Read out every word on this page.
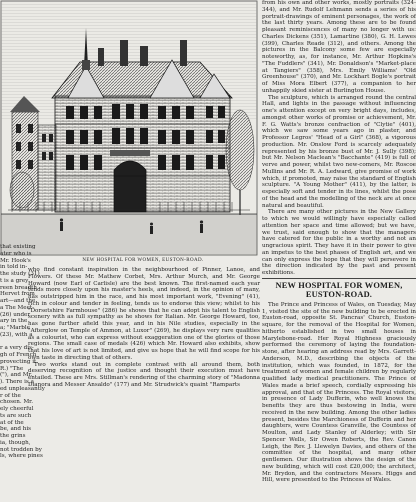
NEW HOSPITAL FOR WOMEN, EUSTON-ROAD.
that existing
ater who is
Mr. Hook's
in told in-
the study (31)
t is a grey
reen breadth
Hervet from
art—and the
a The Meet-
(26) under
ary in the
a; "Marble
(23), with a

r a very dis-
gh of French
provecting it.
R.) "The
("), and Mr.
). There is a
ed unpleasantly
r of the
chosen. Mr.
ely cheerful
ts are such
at of the
be, and his
the grins
ia, though,
not trodden by
ls, where pines

who find constant inspiration in the neighbourhood of Pinner, Lanoe, and Flowers. Of these Mr. Mathew Corbet, Mrs. Arthur Murch, and Mr. George Howard (now Earl of Carlisle) are the best known. The first-named each year tends more closely upon his master's heels, and indeed, in the opinion of many, has outstripped him in the race, and his most important work, "Evening" (41), rich in colour and tender in feeling, tends us to endorse this view; whilst to his "Dorsetshire Farmhouse" (286) he shows that he can adopt his talent to English scenery with as full sympathy as he shows for Italian. Mr. George Howard, too, has gone further afield this year, and in his Nile studies, especially in the "Afterglow on Temple of Ammon, at Luxor" (269), he displays very rare qualities as a colourist, who can express without exaggeration one of the glories of those regions. The small case of medals (426) which Mr. Howard also exhibits, show that his love of art is not limited, and give us hope that he will find scope for his own taste in directing that of others.

Two works stand out in complete contrast with all around them, both deserving recognition of the justice and thought their execution must have entailed. These are Mrs. Stillman's rendering of the charming story of "Madonna Dianora and Messer Ansaldo" (177) and Mr. Strudwick's quaint "Ramparts

from his own and other works, mostly portraits (324-344), and Mr. Rudolf Lehmann sends a series of his portrait-drawings of eminent personages, the work of the last thirty years. Among these are to be found pleasant reminiscences of many no longer with us: Charles Dickens (351), Lamartine (380), G. H. Lewes (399), Charles Reade (312), and others. Among the pictures in the Balcony some few are especially noteworthy, as, for instance, Mr. Arthur Hopkins's "The Fuddlers" (341), Mr. Donaldson's "Market-place at Tangiers" (358), Mrs. Emily Williams' "Old Greenhouse" (370), and Mr. Lockhart Bogle's portrait of Miss Mora Elbert (377), a companion to her unhappily skied sister at Burlington House.

The sculpture, which is arranged round the central Hall, and lights in the passage without influencing one's attention except on very bright days, includes, amongst other works of promise or achievement, Mr. F. G. Watts's bronze cenfraction of "Clytie" (401), which we saw some years ago in plaster, and Professor Legros' "Head of a Girl" (368), a vigorous production. Mr. Onslow Ford is scarcely adequately represented by his bronze bust of Mr. J. Sully (398); but Mr. Nelson Maclean's "Bacchante" (419) is full of verve and power, whilst two new-comers, Mr. Roscoe Mullins and Mr. R. A. Ledward, give promise of work which, if promoted, may raise the standard of English sculpture. "A Young Mother" (411), by the latter, is especially soft and tender in its lines, whilst the pose of the head and the modelling of the neck are at once natural and beautiful.

There are many other pictures in the New Gallery to which we would willingly have especially called attention her space and time allowed; but we have, we trust, said enough to show that the managers have catered for the public in a worthy and not an ungracious spirit. They have it in their power to give an impetus to the best phases of English art, and we can only express the hope that they will persevere in the direction indicated by the past and present exhibitions.

NEW HOSPITAL FOR WOMEN, EUSTON-ROAD.

The Prince and Princess of Wales, on Tuesday, May 1, visited the site of the new building to be erected in Euston-road, opposite St. Pancras' Church, Euston-square, for the removal of the Hospital for Women, hitherto established in two small houses in Marylebone-road. Her Royal Highness graciously performed the ceremony of laying the foundation-stone, after hearing an address read by Mrs. Garrett-Anderson, M.D., describing the objects of the institution, which was founded, in 1872, for the treatment of women and female children by regularly qualified lady medical practitioners. The Prince of Wales made a brief speech, cordially expressing his approval, and that of the Princess. The Royal visitors, in presence of Lady Dufferin, who well knows the benefits they are thus bestowing in India, were received in the new building. Among the other ladies present, besides the Marchioness of Dufferin and her daughters, were Countess Granville, the Countess of Moulton, and Lady Stanley of Alderley; with Sir Spencer Wells, Sir Owen Roberts, the Rev. Canon Leigh, the Rev. J. Llewelyn Davies, and others of the committee of the hospital, and many other gentlemen. Our illustration shows the design of the new building, which will cost £20,000; the architect, Mr. Brydon, and the contractors Messrs. Higgs and Hill, were presented to the Princess of Wales.
